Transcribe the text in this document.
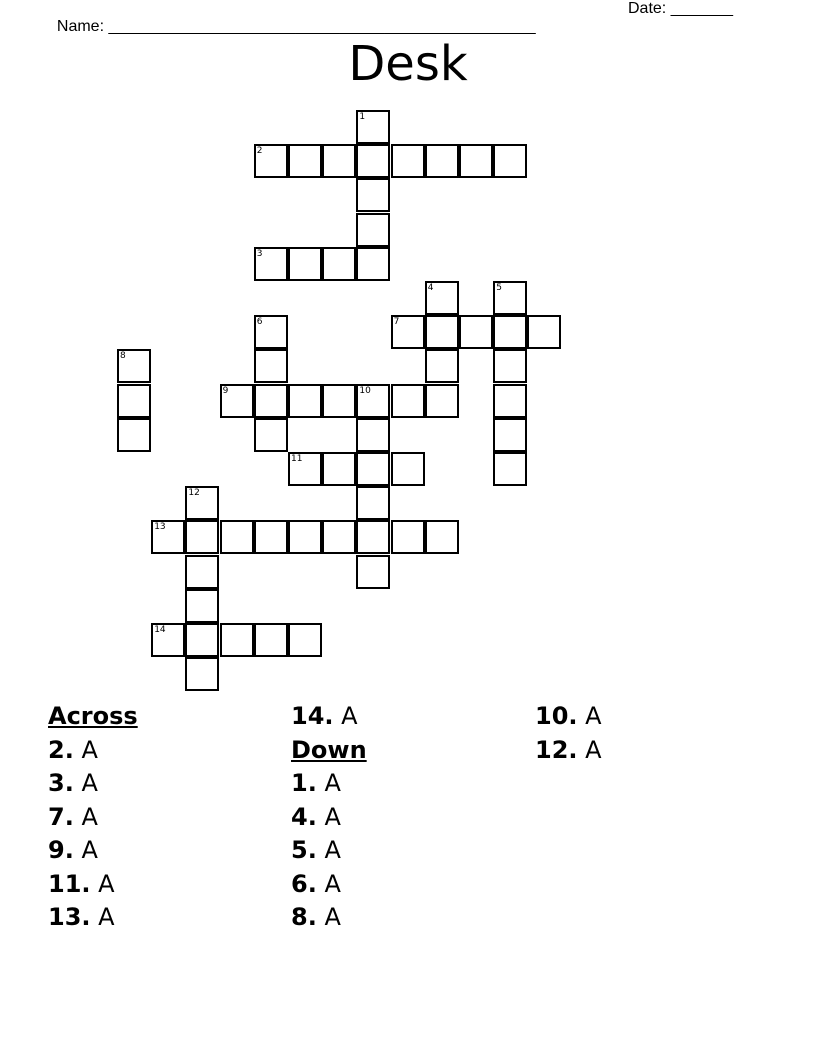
Name: ________________________________________________

Date: _______

Desk
1
2
3
4	5
6	7
8
9	10
11
12
13
14
Across
2. A
3. A
7. A
9. A
11. A
13. A
14. A
Down
1. A
4. A
5. A
6. A
8. A
10. A
12. A
